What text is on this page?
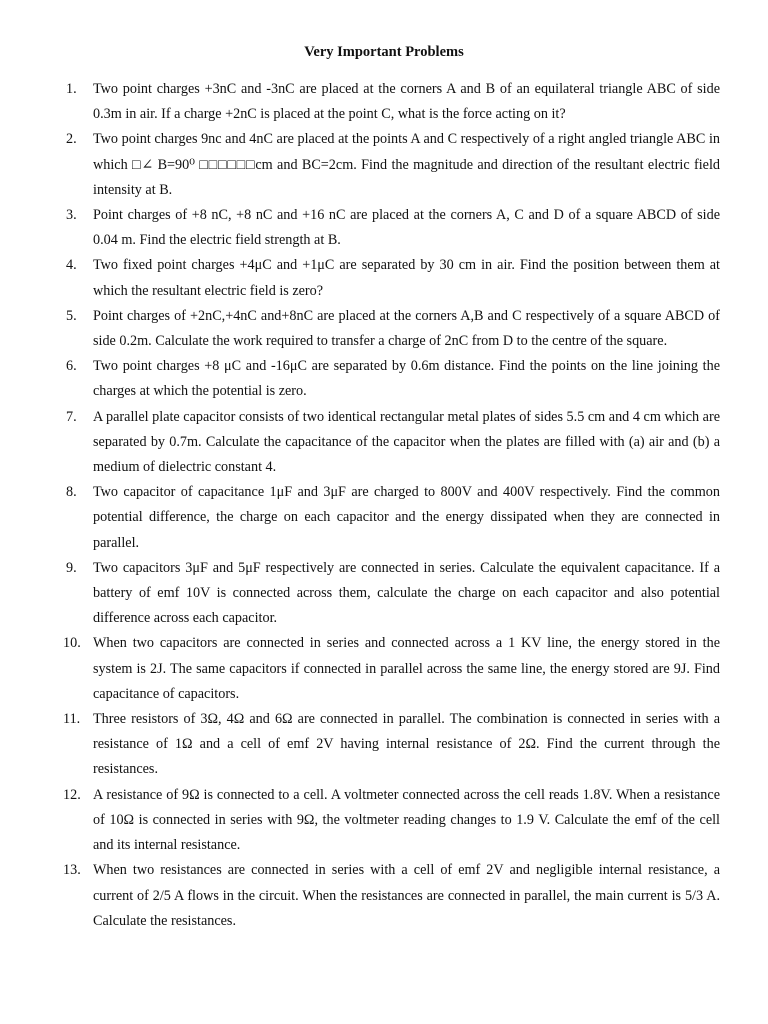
Very Important Problems
1.	Two point charges +3nC and -3nC are placed at the corners A and B of an equilateral triangle ABC of side 0.3m in air. If a charge +2nC is placed at the point C, what is the force acting on it?
2.	Two point charges 9nc and 4nC are placed at the points A and C respectively of a right angled triangle ABC in which □∠ B=90⁰ □□□□□□cm and BC=2cm. Find the magnitude and direction of the resultant electric field intensity at B.
3.	Point charges of +8 nC, +8 nC and +16 nC are placed at the corners A, C and D of a square ABCD of side 0.04 m. Find the electric field strength at B.
4.	Two fixed point charges +4μC and +1μC are separated by 30 cm in air. Find the position between them at which the resultant electric field is zero?
5.	Point charges of +2nC,+4nC and+8nC are placed at the corners A,B and C respectively of a square ABCD of side 0.2m. Calculate the work required to transfer a charge of 2nC from D to the centre of the square.
6.	Two point charges +8 μC and -16μC are separated by 0.6m distance. Find the points on the line joining the charges at which the potential is zero.
7.	A parallel plate capacitor consists of two identical rectangular metal plates of sides 5.5 cm and 4 cm which are separated by 0.7m. Calculate the capacitance of the capacitor when the plates are filled with (a) air and (b) a medium of dielectric constant 4.
8.	Two capacitor of capacitance 1μF and 3μF are charged to 800V and 400V respectively. Find the common potential difference, the charge on each capacitor and the energy dissipated when they are connected in parallel.
9.	Two capacitors 3μF and 5μF respectively are connected in series. Calculate the equivalent capacitance. If a battery of emf 10V is connected across them, calculate the charge on each capacitor and also potential difference across each capacitor.
10. When two capacitors are connected in series and connected across a 1 KV line, the energy stored in the system is 2J. The same capacitors if connected in parallel across the same line, the energy stored are 9J. Find capacitance of capacitors.
11. Three resistors of 3Ω, 4Ω and 6Ω are connected in parallel. The combination is connected in series with a resistance of 1Ω and a cell of emf 2V having internal resistance of 2Ω. Find the current through the resistances.
12. A resistance of 9Ω is connected to a cell. A voltmeter connected across the cell reads 1.8V. When a resistance of 10Ω is connected in series with 9Ω, the voltmeter reading changes to 1.9 V. Calculate the emf of the cell and its internal resistance.
13. When two resistances are connected in series with a cell of emf 2V and negligible internal resistance, a current of 2/5 A flows in the circuit. When the resistances are connected in parallel, the main current is 5/3 A. Calculate the resistances.
